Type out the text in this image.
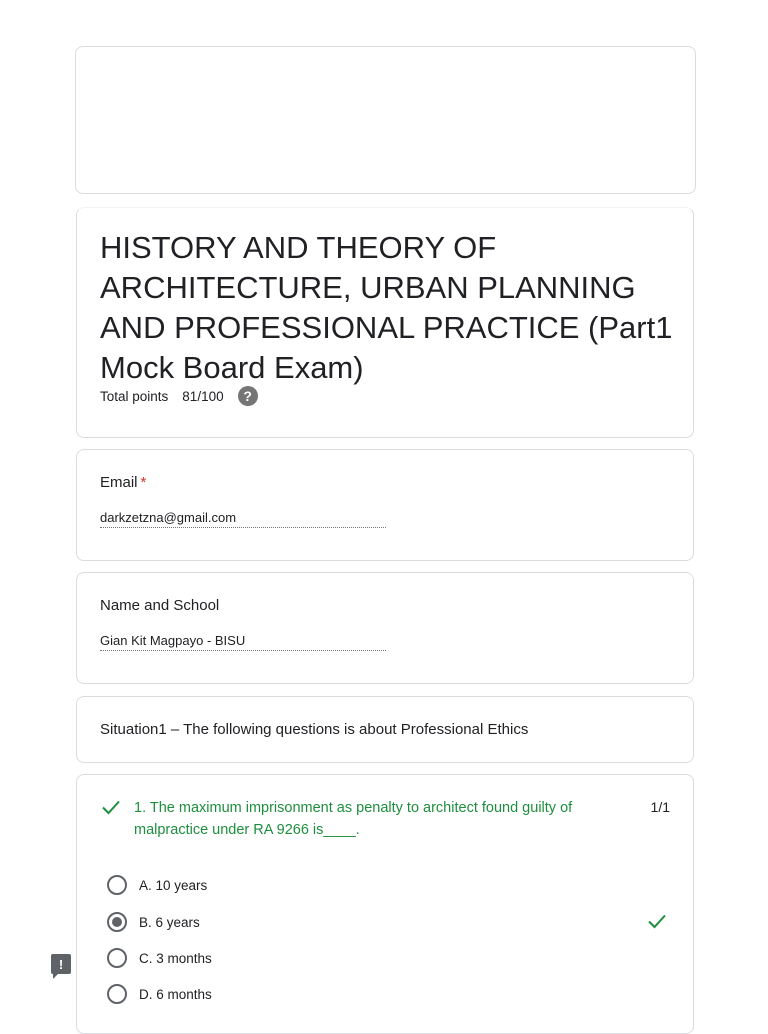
HISTORY AND THEORY OF ARCHITECTURE, URBAN PLANNING AND PROFESSIONAL PRACTICE (Part1 Mock Board Exam)
Total points 81/100	?
Email *
darkzetzna@gmail.com
Name and School
Gian Kit Magpayo - BISU
Situation1 – The following questions is about Professional Ethics
1. The maximum imprisonment as penalty to architect found guilty of malpractice under RA 9266 is____.
1/1
A. 10 years
B. 6 years
C. 3 months
D. 6 months
!
